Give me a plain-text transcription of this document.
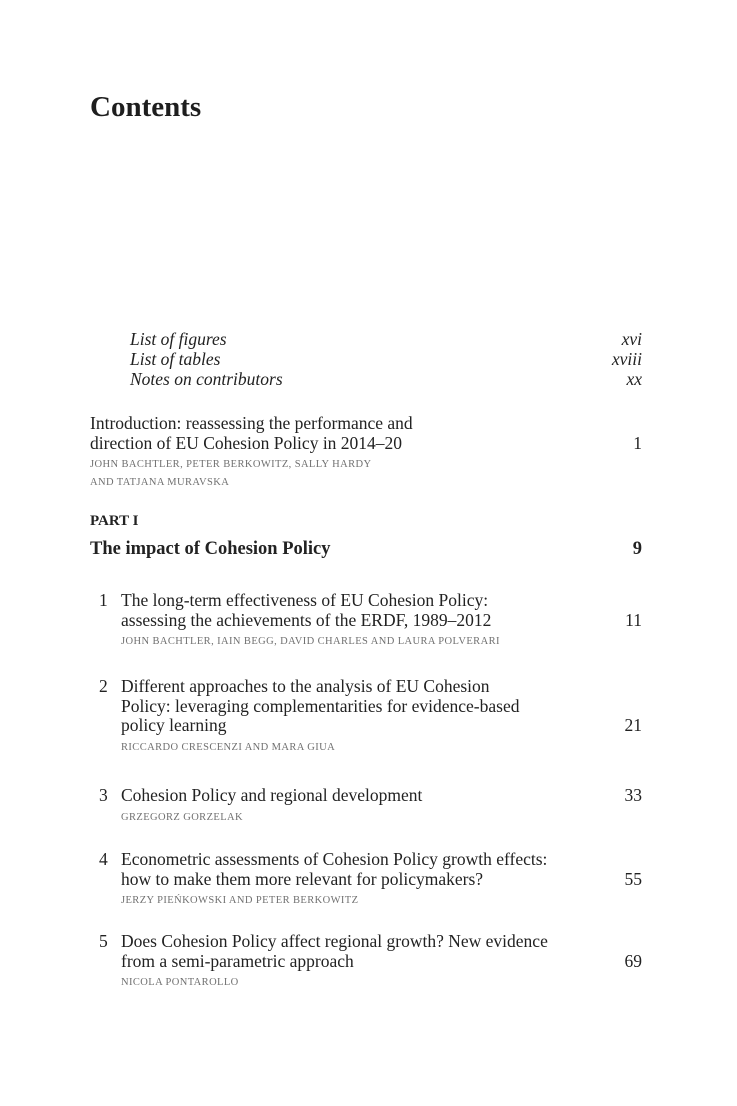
Contents
List of figures	xvi
List of tables	xviii
Notes on contributors	xx
Introduction: reassessing the performance and
direction of EU Cohesion Policy in 2014–20	1
JOHN BACHTLER, PETER BERKOWITZ, SALLY HARDY
AND TATJANA MURAVSKA
PART I
The impact of Cohesion Policy	9
1 The long-term effectiveness of EU Cohesion Policy:
assessing the achievements of the ERDF, 1989–2012	11
JOHN BACHTLER, IAIN BEGG, DAVID CHARLES AND LAURA POLVERARI
2 Different approaches to the analysis of EU Cohesion
Policy: leveraging complementarities for evidence-based
policy learning	21
RICCARDO CRESCENZI AND MARA GIUA
3 Cohesion Policy and regional development	33
GRZEGORZ GORZELAK
4 Econometric assessments of Cohesion Policy growth effects:
how to make them more relevant for policymakers?	55
JERZY PIEŃKOWSKI AND PETER BERKOWITZ
5 Does Cohesion Policy affect regional growth? New evidence
from a semi-parametric approach	69
NICOLA PONTAROLLO
